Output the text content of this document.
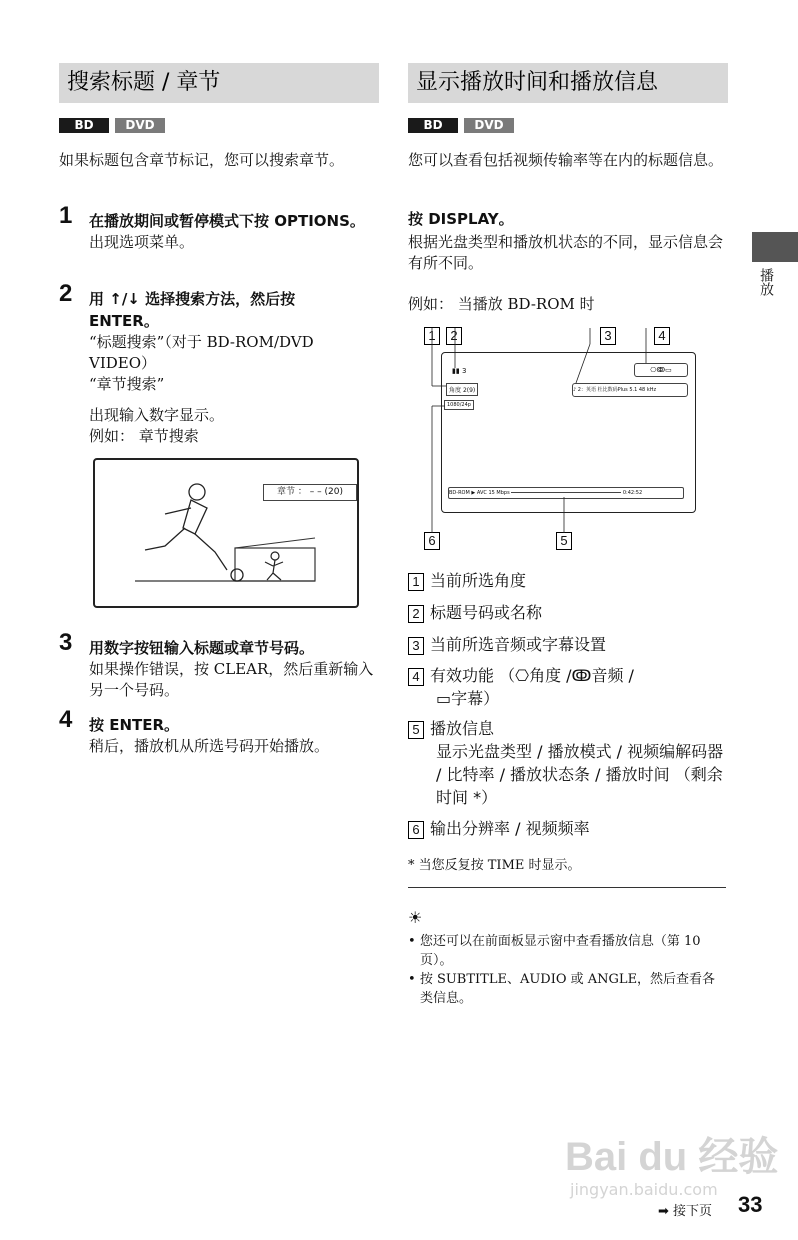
搜索标题 / 章节
BD	DVD
如果标题包含章节标记，您可以搜索章节。
1 在播放期间或暂停模式下按 OPTIONS。
出现选项菜单。
2 用 ↑/↓ 选择搜索方法，然后按 ENTER。
“标题搜索”（对于 BD-ROM/DVD VIDEO）
“章节搜索”
出现输入数字显示。
例如： 章节搜索
章节 ： – – (20)
3 用数字按钮输入标题或章节号码。
如果操作错误，按 CLEAR，然后重新输入另一个号码。
4 按 ENTER。
稍后，播放机从所选号码开始播放。
显示播放时间和播放信息
BD	DVD
您可以查看包括视频传输率等在内的标题信息。
按 DISPLAY。
根据光盘类型和播放机状态的不同，显示信息会有所不同。
例如： 当播放 BD-ROM 时
1	2	3	4
6	5
▮▮ 3
角度 2(9)
⎔ↂ▭
♪ 2：英语 杜比数码Plus 5.1 48 kHz
1080/24p
BD-ROM ▶ AVC 15 Mbps	0:42:52
1 当前所选角度
2 标题号码或名称
3 当前所选音频或字幕设置
4 有效功能 （⎔角度 /ↂ音频 /
▭字幕）
5 播放信息
显示光盘类型 / 播放模式 / 视频编解码器 / 比特率 / 播放状态条 / 播放时间 （剩余时间 *）
6 输出分辨率 / 视频频率
* 当您反复按 TIME 时显示。
☀
• 您还可以在前面板显示窗中查看播放信息（第 10 页）。
• 按 SUBTITLE、AUDIO 或 ANGLE，然后查看各类信息。
播放
Bai du 经验
jingyan.baidu.com
➡ 接下页 33
